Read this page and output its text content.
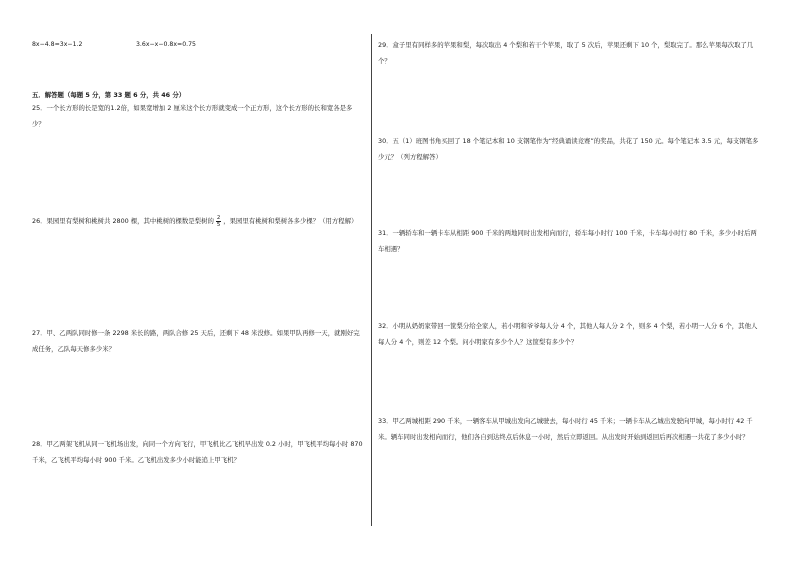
8x−4.8=3x−1.2	3.6x−x−0.8x=0.75
五．解答题（每题 5 分，第 33 题 6 分，共 46 分）
25．一个长方形的长是宽的1.2倍，如果宽增加 2 厘米这个长方形就变成一个正方形，这个长方形的长和宽各是多少？
26．果园里有梨树和桃树共 2800 棵，其中桃树的棵数是梨树的 $\frac{2}{5}$ ，果园里有桃树和梨树各多少棵？（用方程解）
27．甲、乙两队同时修一条 2298 米长的路，两队合修 25 天后，还剩下 48 米没修。如果甲队再修一天，就刚好完成任务，乙队每天修多少米？
28．甲乙两架飞机从同一飞机场出发，向同一个方向飞行，甲飞机比乙飞机早出发 0.2 小时，甲飞机平均每小时 870 千米，乙飞机平均每小时 900 千米。乙飞机出发多少小时能追上甲飞机？
29．盒子里有同样多的苹果和梨，每次取出 4 个梨和若干个苹果，取了 5 次后，苹果还剩下 10 个，梨取完了。那么苹果每次取了几个？
30．五（1）班图书角买回了 18 个笔记本和 10 支钢笔作为“经典诵读竞赛”的奖品，共花了 150 元。每个笔记本 3.5 元，每支钢笔多少元？（列方程解答）
31．一辆轿车和一辆卡车从相距 900 千米的两地同时出发相向而行，轿车每小时行 100 千米，卡车每小时行 80 千米，多少小时后两车相遇？
32．小明从奶奶家带回一筐梨分给全家人，若小明和爷爷每人分 4 个，其他人每人分 2 个，则多 4 个梨，若小明一人分 6 个，其他人每人分 4 个，则差 12 个梨。问小明家有多少个人？这筐梨有多少个？
33．甲乙两城相距 290 千米，一辆客车从甲城出发向乙城驶去，每小时行 45 千米；一辆卡车从乙城出发驶向甲城，每小时行 42 千米。辆车同时出发相向而行，他们各自到达终点后休息一小时，然后立即返回。从出发时开始到返回后再次相遇一共花了多少小时？
